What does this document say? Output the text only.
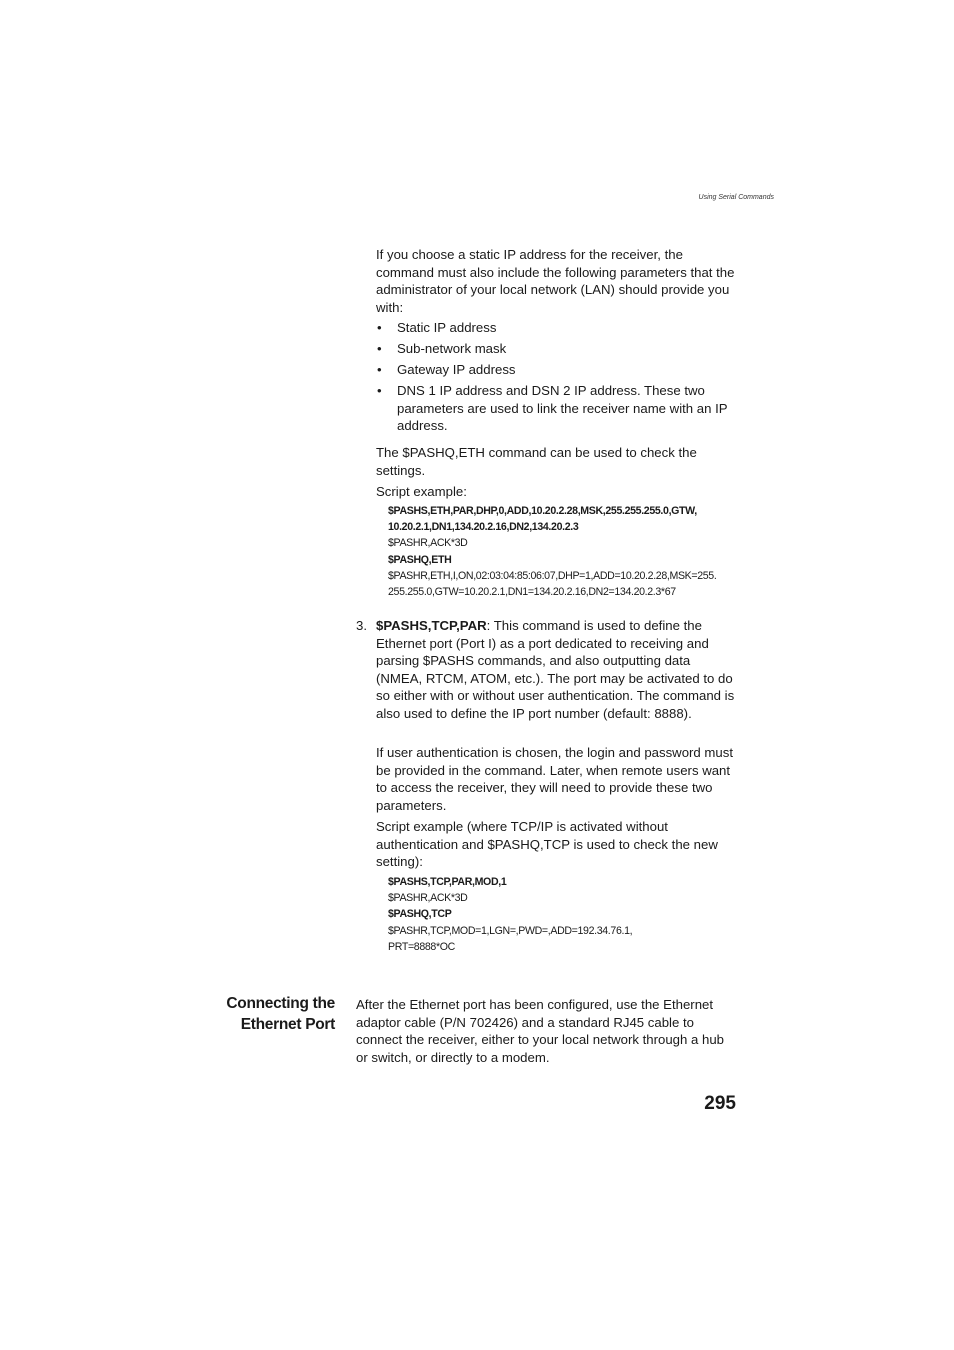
Using Serial Commands

If you choose a static IP address for the receiver, the command must also include the following parameters that the administrator of your local network (LAN) should provide you with:

• Static IP address
• Sub-network mask
• Gateway IP address
• DNS 1 IP address and DSN 2 IP address. These two parameters are used to link the receiver name with an IP address.
The $PASHQ,ETH command can be used to check the settings.
Script example:
$PASHS,ETH,PAR,DHP,0,ADD,10.20.2.28,MSK,255.255.255.0,GTW,
10.20.2.1,DN1,134.20.2.16,DN2,134.20.2.3
$PASHR,ACK*3D
$PASHQ,ETH
$PASHR,ETH,I,ON,02:03:04:85:06:07,DHP=1,ADD=10.20.2.28,MSK=255.
255.255.0,GTW=10.20.2.1,DN1=134.20.2.16,DN2=134.20.2.3*67
3. $PASHS,TCP,PAR: This command is used to define the Ethernet port (Port I) as a port dedicated to receiving and parsing $PASHS commands, and also outputting data (NMEA, RTCM, ATOM, etc.). The port may be activated to do so either with or without user authentication. The command is also used to define the IP port number (default: 8888).
If user authentication is chosen, the login and password must be provided in the command. Later, when remote users want to access the receiver, they will need to provide these two parameters.
Script example (where TCP/IP is activated without authentication and $PASHQ,TCP is used to check the new setting):
$PASHS,TCP,PAR,MOD,1
$PASHR,ACK*3D
$PASHQ,TCP
$PASHR,TCP,MOD=1,LGN=,PWD=,ADD=192.34.76.1,
PRT=8888*OC
Connecting the
Ethernet Port
After the Ethernet port has been configured, use the Ethernet adaptor cable (P/N 702426) and a standard RJ45 cable to connect the receiver, either to your local network through a hub or switch, or directly to a modem.
295
